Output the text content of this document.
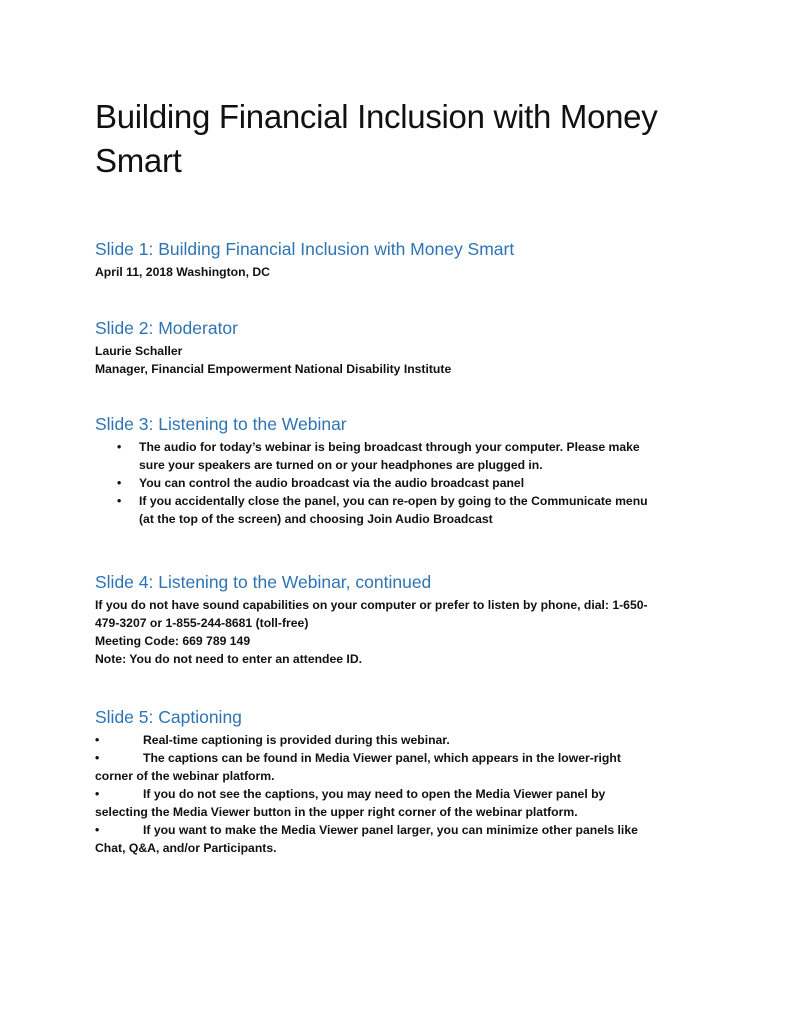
Building Financial Inclusion with Money
Smart
Slide 1: Building Financial Inclusion with Money Smart

April 11, 2018 Washington, DC

Slide 2: Moderator

Laurie Schaller

Manager, Financial Empowerment National Disability Institute

Slide 3: Listening to the Webinar
• The audio for today’s webinar is being broadcast through your computer. Please make
sure your speakers are turned on or your headphones are plugged in.
• You can control the audio broadcast via the audio broadcast panel
• If you accidentally close the panel, you can re-open by going to the Communicate menu
(at the top of the screen) and choosing Join Audio Broadcast
Slide 4: Listening to the Webinar, continued

If you do not have sound capabilities on your computer or prefer to listen by phone, dial: 1-650-

479-3207 or 1-855-244-8681 (toll-free)

Meeting Code: 669 789 149

Note: You do not need to enter an attendee ID.

Slide 5: Captioning

•	Real-time captioning is provided during this webinar.

•	The captions can be found in Media Viewer panel, which appears in the lower-right
corner of the webinar platform.

•	If you do not see the captions, you may need to open the Media Viewer panel by
selecting the Media Viewer button in the upper right corner of the webinar platform.

•	If you want to make the Media Viewer panel larger, you can minimize other panels like
Chat, Q&A, and/or Participants.
